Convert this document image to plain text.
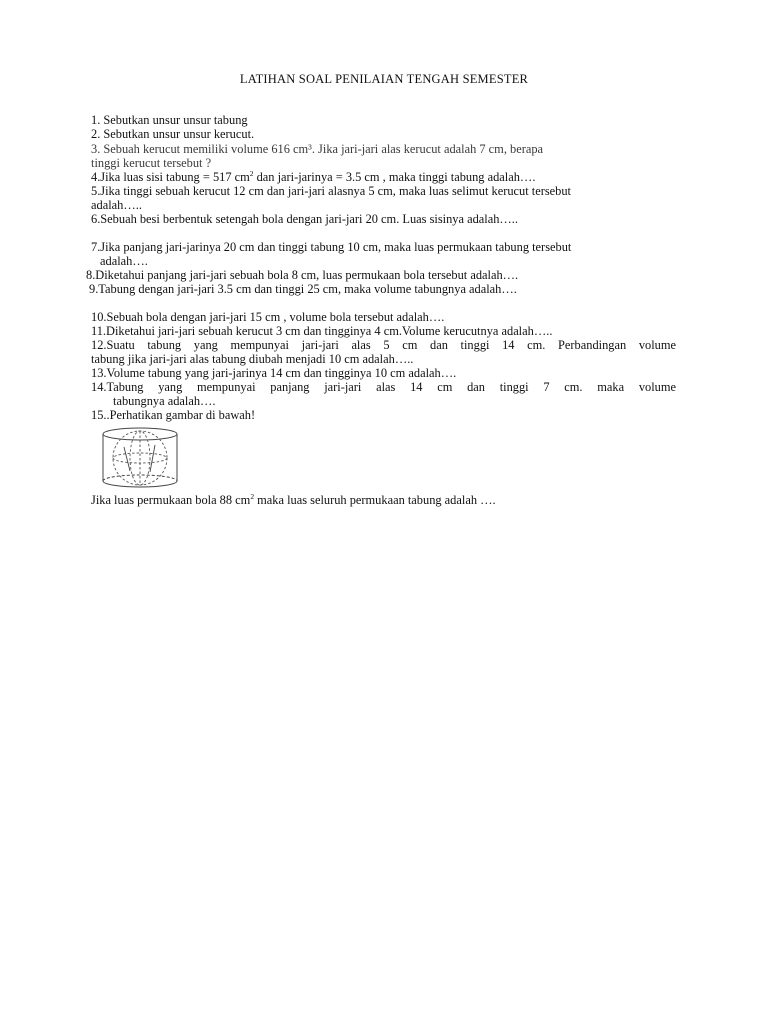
LATIHAN SOAL PENILAIAN TENGAH SEMESTER
1. Sebutkan unsur unsur tabung
2. Sebutkan unsur unsur kerucut.
3. Sebuah kerucut memiliki volume 616 cm³. Jika jari-jari alas kerucut adalah 7 cm, berapa
tinggi kerucut tersebut ?
4.Jika luas sisi tabung = 517 $cm^2$ dan jari-jarinya = 3.5 cm , maka tinggi tabung adalah….
5.Jika tinggi sebuah kerucut 12 cm dan jari-jari alasnya 5 cm, maka luas selimut kerucut tersebut
adalah…..
6.Sebuah besi berbentuk setengah bola dengan jari-jari 20 cm. Luas sisinya adalah…..
7.Jika panjang jari-jarinya 20 cm dan tinggi tabung 10 cm, maka luas permukaan tabung tersebut
adalah….
8.Diketahui panjang jari-jari sebuah bola 8 cm, luas permukaan bola tersebut adalah….
9.Tabung dengan jari-jari 3.5 cm dan tinggi 25 cm, maka volume tabungnya adalah….
10.Sebuah bola dengan jari-jari 15 cm , volume bola tersebut adalah….
11.Diketahui jari-jari sebuah kerucut 3 cm dan tingginya 4 cm.Volume kerucutnya adalah…..
12.Suatu tabung yang mempunyai jari-jari alas 5 cm dan tinggi 14 cm. Perbandingan volume
tabung jika jari-jari alas tabung diubah menjadi 10 cm adalah…..
13.Volume tabung yang jari-jarinya 14 cm dan tingginya 10 cm adalah….
14.Tabung yang mempunyai panjang jari-jari alas 14 cm dan tinggi 7 cm. maka volume
tabungnya adalah….
15..Perhatikan gambar di bawah!
Jika luas permukaan bola 88 $cm^2$ maka luas seluruh permukaan tabung adalah ….
